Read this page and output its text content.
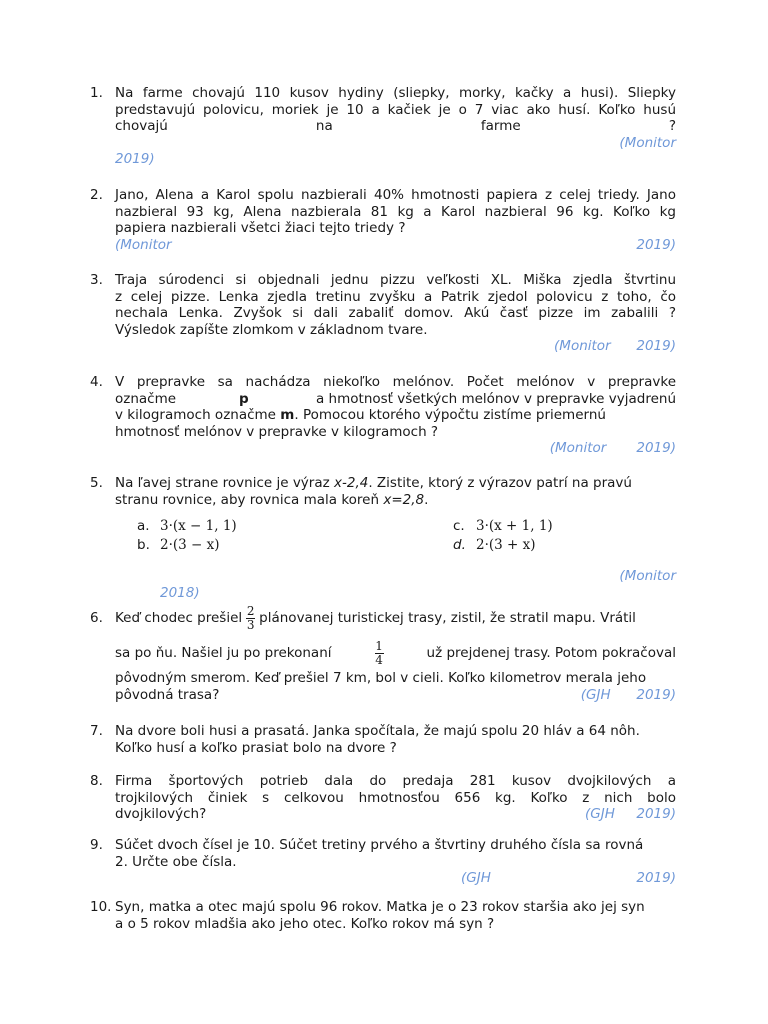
1. Na farme chovajú 110 kusov hydiny (sliepky, morky, kačky a husi). Sliepky
predstavujú polovicu, moriek je 10 a kačiek je o 7 viac ako husí. Koľko husú
chovajú na farme ?
(Monitor
2019)
2. Jano, Alena a Karol spolu nazbierali 40% hmotnosti papiera z celej triedy. Jano
nazbieral 93 kg, Alena nazbierala 81 kg a Karol nazbieral 96 kg. Koľko kg
papiera nazbierali všetci žiaci tejto triedy ?
(Monitor	2019)
3. Traja súrodenci si objednali jednu pizzu veľkosti XL. Miška zjedla štvrtinu
z celej pizze. Lenka zjedla tretinu zvyšku a Patrik zjedol polovicu z toho, čo
nechala Lenka. Zvyšok si dali zabaliť domov. Akú časť pizze im zabalili ?
Výsledok zapíšte zlomkom v základnom tvare.
(Monitor 2019)
4. V prepravke sa nachádza niekoľko melónov. Počet melónov v prepravke
označme	p	a hmotnosť všetkých melónov v prepravke vyjadrenú
v kilogramoch označme m. Pomocou ktorého výpočtu zistíme priemernú
hmotnosť melónov v prepravke v kilogramoch ?
(Monitor 2019)
5. Na ľavej strane rovnice je výraz x-2,4. Zistite, ktorý z výrazov patrí na pravú
stranu rovnice, aby rovnica mala koreň x=2,8.
a. 3·(x − 1, 1)	c. 3·(x + 1, 1)
b. 2·(3 − x)	d. 2·(3 + x)
(Monitor
2018)
6. Keď chodec prešiel $\frac{2}{3}$ plánovanej turistickej trasy, zistil, že stratil mapu. Vrátil
sa po ňu. Našiel ju po prekonaní	$\frac{1}{4}$	už prejdenej trasy. Potom pokračoval
pôvodným smerom. Keď prešiel 7 km, bol v cieli. Koľko kilometrov merala jeho
pôvodná trasa?	(GJH 2019)
7. Na dvore boli husi a prasatá. Janka spočítala, že majú spolu 20 hláv a 64 nôh.
Koľko husí a koľko prasiat bolo na dvore ?
8. Firma športových potrieb dala do predaja 281 kusov dvojkilových a
trojkilových činiek s celkovou hmotnosťou 656 kg. Koľko z nich bolo
dvojkilových?	(GJH 2019)
9. Súčet dvoch čísel je 10. Súčet tretiny prvého a štvrtiny druhého čísla sa rovná
2. Určte obe čísla.
(GJH	2019)
10. Syn, matka a otec majú spolu 96 rokov. Matka je o 23 rokov staršia ako jej syn
a o 5 rokov mladšia ako jeho otec. Koľko rokov má syn ?
